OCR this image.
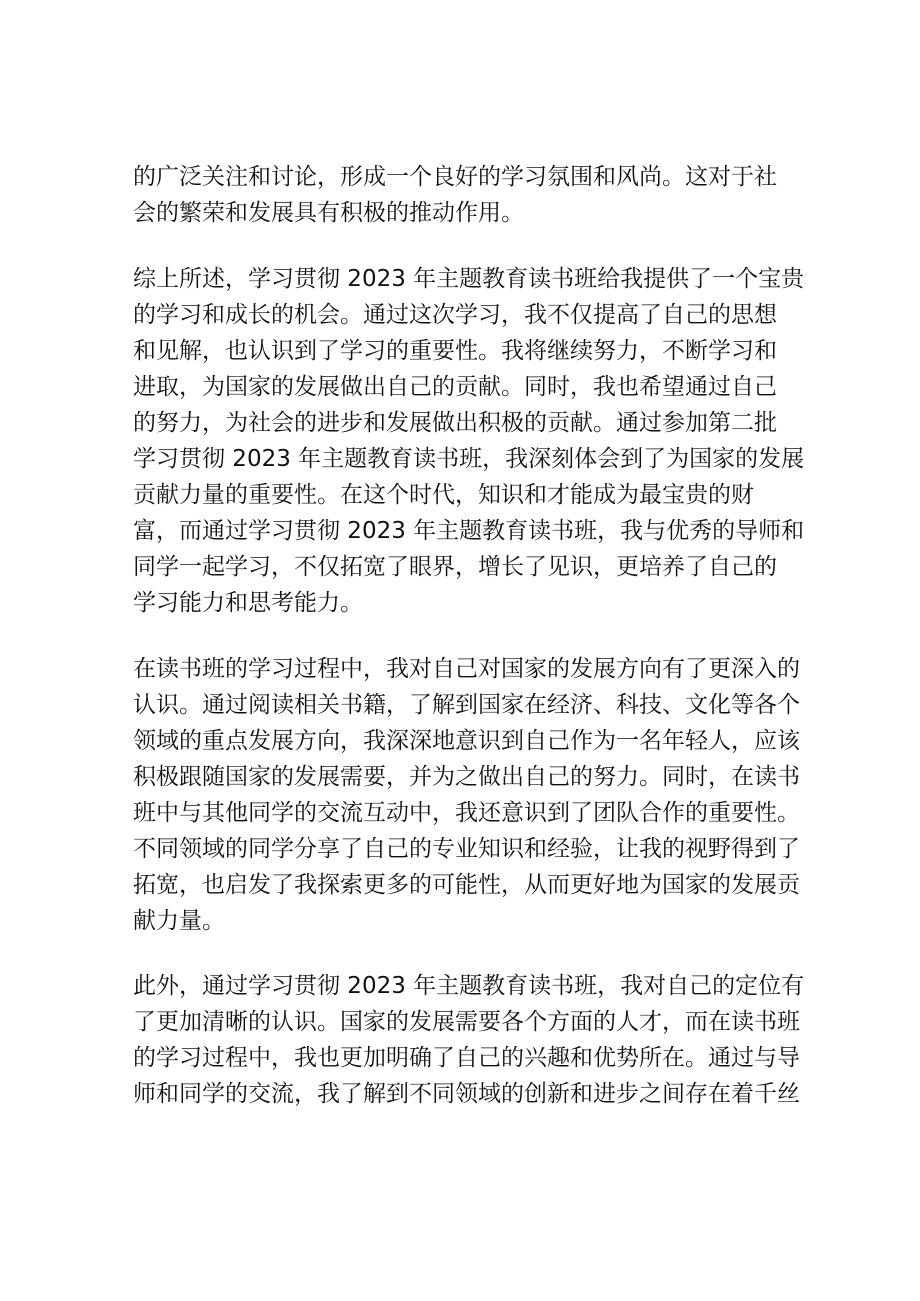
的广泛关注和讨论，形成一个良好的学习氛围和风尚。这对于社
会的繁荣和发展具有积极的推动作用。
综上所述，学习贯彻 2023 年主题教育读书班给我提供了一个宝贵
的学习和成长的机会。通过这次学习，我不仅提高了自己的思想
和见解，也认识到了学习的重要性。我将继续努力，不断学习和
进取，为国家的发展做出自己的贡献。同时，我也希望通过自己
的努力，为社会的进步和发展做出积极的贡献。通过参加第二批
学习贯彻 2023 年主题教育读书班，我深刻体会到了为国家的发展
贡献力量的重要性。在这个时代，知识和才能成为最宝贵的财
富，而通过学习贯彻 2023 年主题教育读书班，我与优秀的导师和
同学一起学习，不仅拓宽了眼界，增长了见识，更培养了自己的
学习能力和思考能力。
在读书班的学习过程中，我对自己对国家的发展方向有了更深入的
认识。通过阅读相关书籍，了解到国家在经济、科技、文化等各个
领域的重点发展方向，我深深地意识到自己作为一名年轻人，应该
积极跟随国家的发展需要，并为之做出自己的努力。同时，在读书
班中与其他同学的交流互动中，我还意识到了团队合作的重要性。
不同领域的同学分享了自己的专业知识和经验，让我的视野得到了
拓宽，也启发了我探索更多的可能性，从而更好地为国家的发展贡
献力量。
此外，通过学习贯彻 2023 年主题教育读书班，我对自己的定位有
了更加清晰的认识。国家的发展需要各个方面的人才，而在读书班
的学习过程中，我也更加明确了自己的兴趣和优势所在。通过与导
师和同学的交流，我了解到不同领域的创新和进步之间存在着千丝
